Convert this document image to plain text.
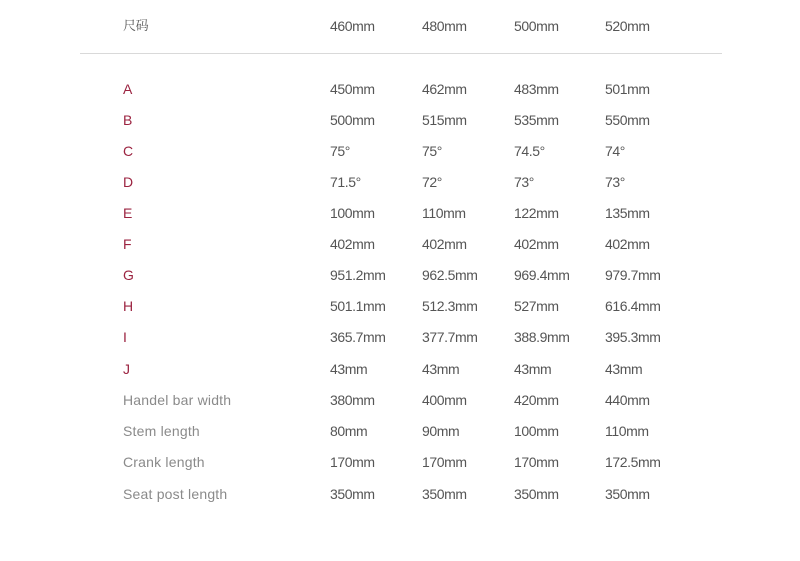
尺码	460mm	480mm	500mm	520mm
A	450mm	462mm	483mm	501mm
B	500mm	515mm	535mm	550mm
C	75°	75°	74.5°	74°
D	71.5°	72°	73°	73°
E	100mm	110mm	122mm	135mm
F	402mm	402mm	402mm	402mm
G	951.2mm	962.5mm	969.4mm	979.7mm
H	501.1mm	512.3mm	527mm	616.4mm
I	365.7mm	377.7mm	388.9mm	395.3mm
J	43mm	43mm	43mm	43mm
Handel bar width	380mm	400mm	420mm	440mm
Stem length	80mm	90mm	100mm	110mm
Crank length	170mm	170mm	170mm	172.5mm
Seat post length	350mm	350mm	350mm	350mm
